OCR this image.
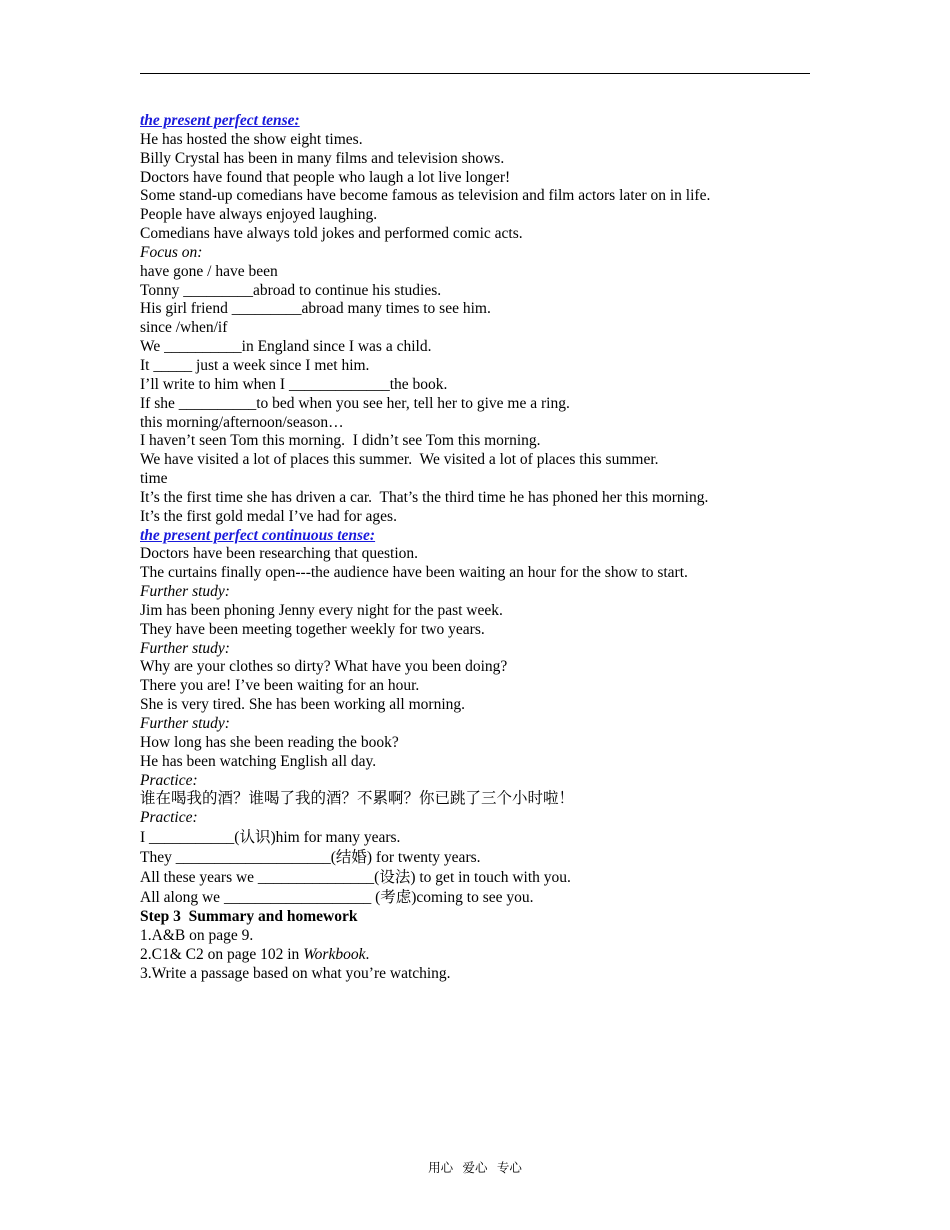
the present perfect tense:
He has hosted the show eight times.
Billy Crystal has been in many films and television shows.
Doctors have found that people who laugh a lot live longer!
Some stand-up comedians have become famous as television and film actors later on in life.
People have always enjoyed laughing.
Comedians have always told jokes and performed comic acts.
Focus on:
have gone / have been
Tonny _________abroad to continue his studies.
His girl friend _________abroad many times to see him.
since /when/if
We __________in England since I was a child.
It _____ just a week since I met him.
I’ll write to him when I _____________the book.
If she __________to bed when you see her, tell her to give me a ring.
this morning/afternoon/season…
I haven’t seen Tom this morning.  I didn’t see Tom this morning.
We have visited a lot of places this summer.  We visited a lot of places this summer.
time
It’s the first time she has driven a car.  That’s the third time he has phoned her this morning.
It’s the first gold medal I’ve had for ages.
the present perfect continuous tense:
Doctors have been researching that question.
The curtains finally open---the audience have been waiting an hour for the show to start.
Further study:
Jim has been phoning Jenny every night for the past week.
They have been meeting together weekly for two years.
Further study:
Why are your clothes so dirty? What have you been doing?
There you are! I’ve been waiting for an hour.
She is very tired. She has been working all morning.
Further study:
How long has she been reading the book?
He has been watching English all day.
Practice:
谁在喝我的酒？谁喝了我的酒？不累啊？你已跳了三个小时啦！
Practice:
I ___________(认识)him for many years.
They ____________________(结婚) for twenty years.
All these years we _______________(设法) to get in touch with you.
All along we ___________________ (考虑)coming to see you.
Step 3  Summary and homework
1.A&B on page 9.
2.C1& C2 on page 102 in Workbook.
3.Write a passage based on what you’re watching.
用心   爱心   专心
